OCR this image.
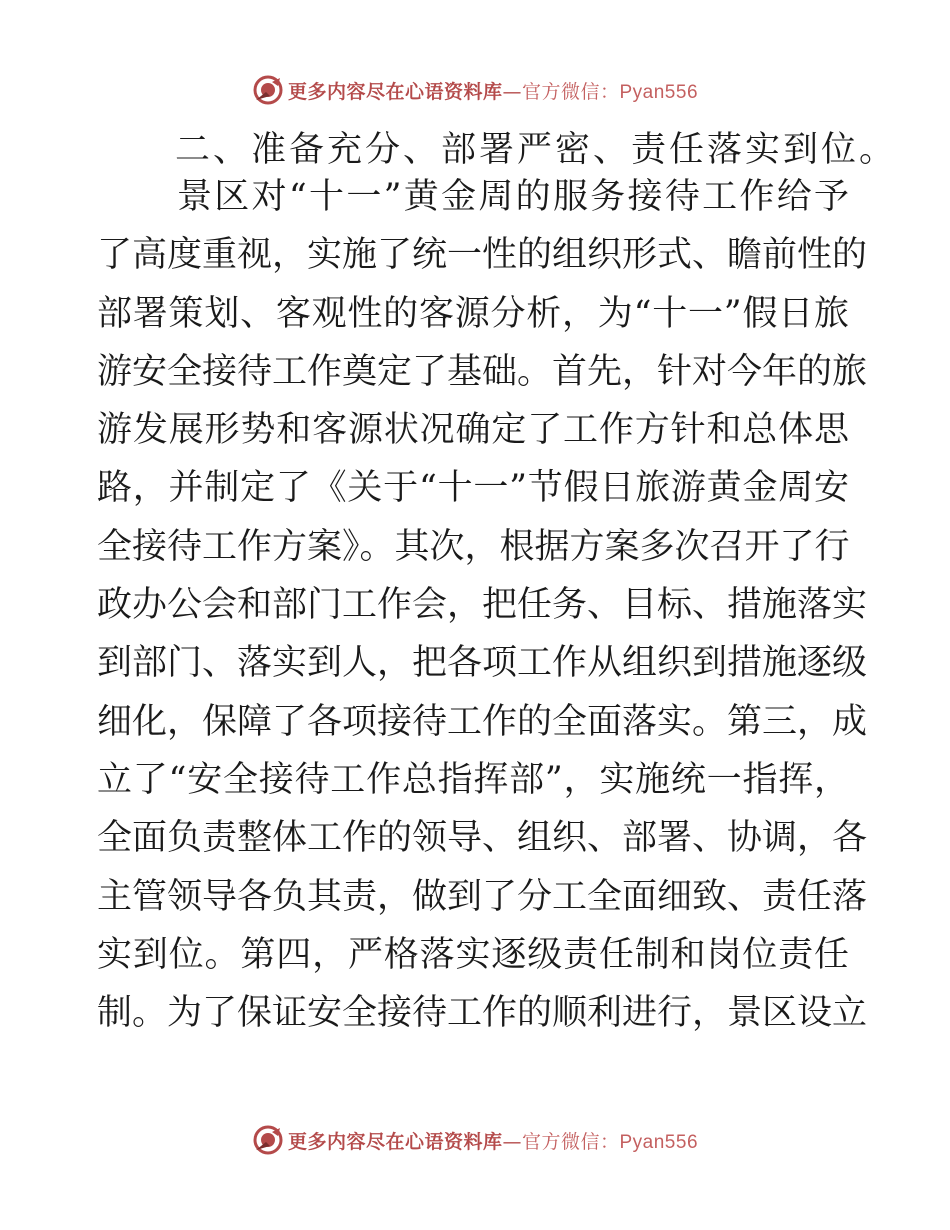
更多内容尽在心语资料库—官方微信：Pyan556
二、准备充分、部署严密、责任落实到位。
景区对“十一”黄金周的服务接待工作给予
了高度重视，实施了统一性的组织形式、瞻前性的
部署策划、客观性的客源分析，为“十一”假日旅
游安全接待工作奠定了基础。首先，针对今年的旅
游发展形势和客源状况确定了工作方针和总体思
路，并制定了《关于“十一”节假日旅游黄金周安
全接待工作方案》。其次，根据方案多次召开了行
政办公会和部门工作会，把任务、目标、措施落实
到部门、落实到人，把各项工作从组织到措施逐级
细化，保障了各项接待工作的全面落实。第三，成
立了“安全接待工作总指挥部”，实施统一指挥，
全面负责整体工作的领导、组织、部署、协调，各
主管领导各负其责，做到了分工全面细致、责任落
实到位。第四，严格落实逐级责任制和岗位责任
制。为了保证安全接待工作的顺利进行，景区设立
更多内容尽在心语资料库—官方微信：Pyan556
